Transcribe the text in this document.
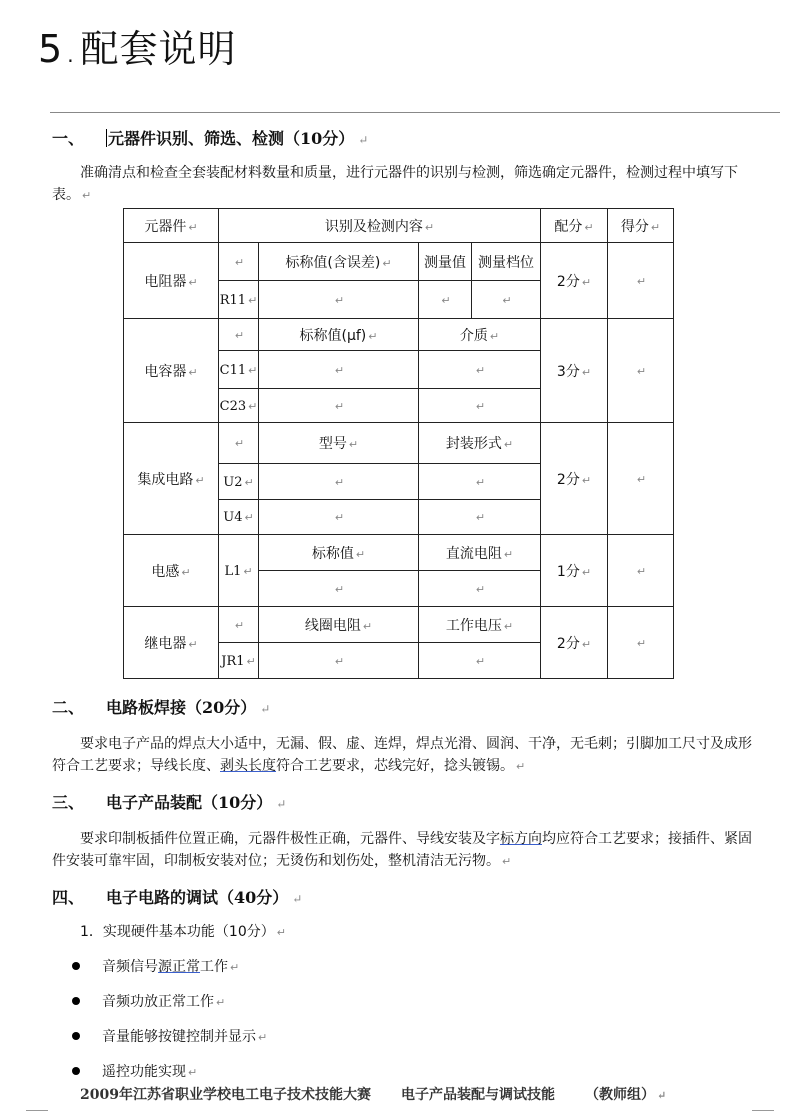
5 . 配套说明
一、 元器件识别、筛选、检测（10分） ↵
准确清点和检查全套装配材料数量和质量，进行元器件的识别与检测，筛选确定元器件，检测过程中填写下表。 ↵
元器件 ↵	识别及检测内容 ↵				配分 ↵	得分 ↵
电阻器 ↵	↵	标称值(含误差) ↵	测量值	测量档位	2分 ↵	↵
	R11 ↵	↵	↵	↵		
电容器 ↵	↵	标称值(μf) ↵	介质 ↵		3分 ↵	↵
	C11 ↵	↵	↵			
	C23 ↵	↵	↵			
集成电路 ↵	↵	型号 ↵	封装形式 ↵		2分 ↵	↵
	U2 ↵	↵	↵			
	U4 ↵	↵	↵			
电感 ↵	L1 ↵	标称值 ↵	直流电阻 ↵		1分 ↵	↵
		↵	↵			
继电器 ↵	↵	线圈电阻 ↵	工作电压 ↵		2分 ↵	↵
	JR1 ↵	↵	↵			
二、 电路板焊接（20分） ↵
要求电子产品的焊点大小适中，无漏、假、虚、连焊，焊点光滑、圆润、干净，无毛刺；引脚加工尺寸及成形符合工艺要求；导线长度、剥头长度符合工艺要求，芯线完好，捻头镀锡。 ↵
三、 电子产品装配（10分） ↵
要求印制板插件位置正确，元器件极性正确，元器件、导线安装及字标方向均应符合工艺要求；接插件、紧固件安装可靠牢固，印制板安装对位；无烫伤和划伤处，整机清洁无污物。 ↵
四、 电子电路的调试（40分） ↵
1．实现硬件基本功能（10分） ↵
音频信号源正常工作 ↵
音频功放正常工作 ↵
音量能够按键控制并显示 ↵
遥控功能实现 ↵
2009年江苏省职业学校电工电子技术技能大赛 电子产品装配与调试技能 （教师组） ↵
